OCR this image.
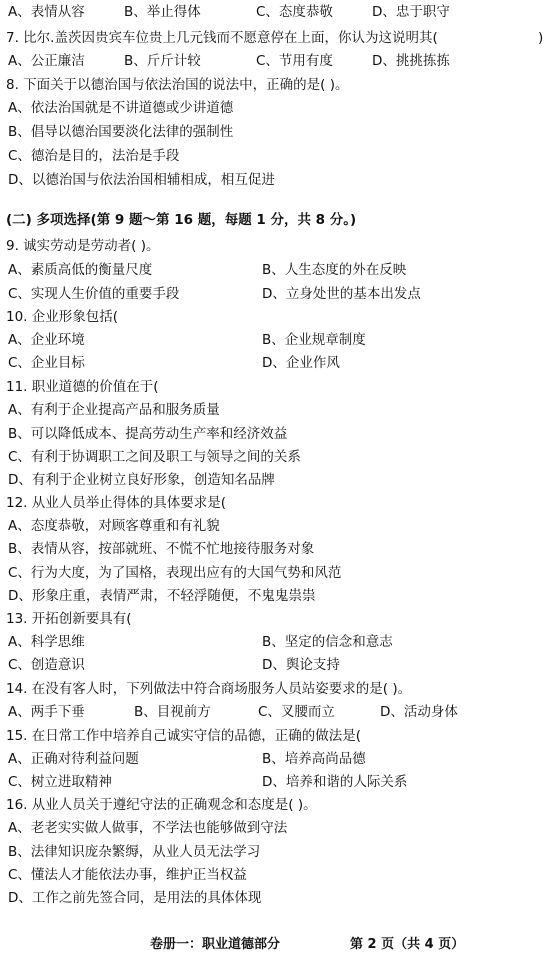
A、表情从容	B、举止得体	C、态度恭敬	D、忠于职守
7. 比尔.盖茨因贵宾车位贵上几元钱而不愿意停在上面，你认为这说明其(	)
A、公正廉洁	B、斤斤计较	C、节用有度	D、挑挑拣拣
8. 下面关于以德治国与依法治国的说法中，正确的是( )。
A、依法治国就是不讲道德或少讲道德
B、倡导以德治国要淡化法律的强制性
C、德治是目的，法治是手段
D、以德治国与依法治国相辅相成，相互促进
(二) 多项选择(第 9 题～第 16 题，每题 1 分，共 8 分。)
9. 诚实劳动是劳动者( )。
A、素质高低的衡量尺度	B、人生态度的外在反映
C、实现人生价值的重要手段	D、立身处世的基本出发点
10. 企业形象包括(
A、企业环境	B、企业规章制度
C、企业目标	D、企业作风
11. 职业道德的价值在于(
A、有利于企业提高产品和服务质量
B、可以降低成本、提高劳动生产率和经济效益
C、有利于协调职工之间及职工与领导之间的关系
D、有利于企业树立良好形象，创造知名品牌
12. 从业人员举止得体的具体要求是(
A、态度恭敬，对顾客尊重和有礼貌
B、表情从容，按部就班、不慌不忙地接待服务对象
C、行为大度，为了国格，表现出应有的大国气势和风范
D、形象庄重，表情严肃，不轻浮随便，不鬼鬼祟祟
13. 开拓创新要具有(
A、科学思维	B、坚定的信念和意志
C、创造意识	D、舆论支持
14. 在没有客人时，下列做法中符合商场服务人员站姿要求的是( )。
A、两手下垂	B、目视前方	C、叉腰而立	D、活动身体
15. 在日常工作中培养自己诚实守信的品德，正确的做法是(
A、正确对待利益问题	B、培养高尚品德
C、树立进取精神	D、培养和谐的人际关系
16. 从业人员关于遵纪守法的正确观念和态度是( )。
A、老老实实做人做事，不学法也能够做到守法
B、法律知识庞杂繁缛，从业人员无法学习
C、懂法人才能依法办事，维护正当权益
D、工作之前先签合同，是用法的具体体现
卷册一：职业道德部分	第 2 页（共 4 页）
